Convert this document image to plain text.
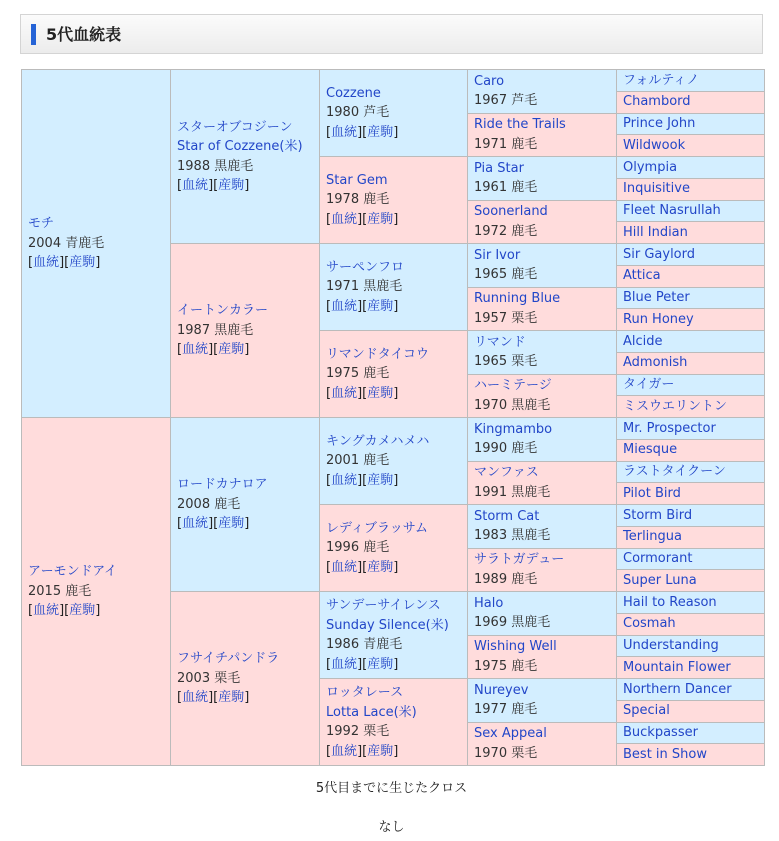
5代血統表
モチ
2004 青鹿毛
[血統][産駒]	スターオブコジーン
Star of Cozzene(米)
1988 黒鹿毛
[血統][産駒]	Cozzene
1980 芦毛
[血統][産駒]	Caro
1967 芦毛	フォルティノ
				Chambord

			Ride the Trails
1971 鹿毛	Prince John
				Wildwook

		Star Gem
1978 鹿毛
[血統][産駒]	Pia Star
1961 鹿毛	Olympia
				Inquisitive

			Soonerland
1972 鹿毛	Fleet Nasrullah
				Hill Indian

	イートンカラー
1987 黒鹿毛
[血統][産駒]	サーペンフロ
1971 黒鹿毛
[血統][産駒]	Sir Ivor
1965 鹿毛	Sir Gaylord
				Attica

			Running Blue
1957 栗毛	Blue Peter
				Run Honey

		リマンドタイコウ
1975 鹿毛
[血統][産駒]	リマンド
1965 栗毛	Alcide
				Admonish

			ハーミテージ
1970 黒鹿毛	タイガー
				ミスウエリントン

アーモンドアイ
2015 鹿毛
[血統][産駒]	ロードカナロア
2008 鹿毛
[血統][産駒]	キングカメハメハ
2001 鹿毛
[血統][産駒]	Kingmambo
1990 鹿毛	Mr. Prospector
				Miesque

			マンファス
1991 黒鹿毛	ラストタイクーン
				Pilot Bird

		レディブラッサム
1996 鹿毛
[血統][産駒]	Storm Cat
1983 黒鹿毛	Storm Bird
				Terlingua

			サラトガデュー
1989 鹿毛	Cormorant
				Super Luna

	フサイチパンドラ
2003 栗毛
[血統][産駒]	サンデーサイレンス
Sunday Silence(米)
1986 青鹿毛
[血統][産駒]	Halo
1969 黒鹿毛	Hail to Reason
				Cosmah

			Wishing Well
1975 鹿毛	Understanding
				Mountain Flower

		ロッタレース
Lotta Lace(米)
1992 栗毛
[血統][産駒]	Nureyev
1977 鹿毛	Northern Dancer
				Special

			Sex Appeal
1970 栗毛	Buckpasser
				Best in Show
5代目までに生じたクロス
なし
